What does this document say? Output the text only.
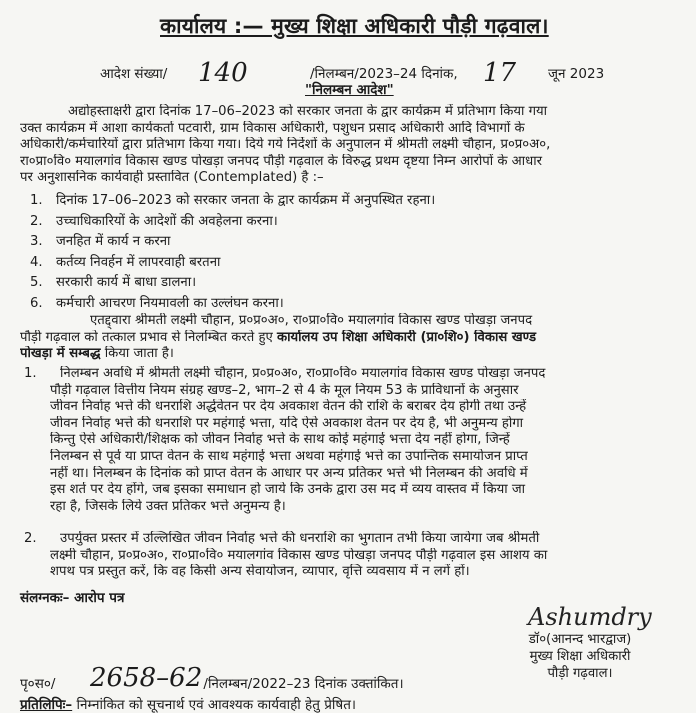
कार्यालय :— मुख्य शिक्षा अधिकारी पौड़ी गढ़वाल।
आदेश संख्या/ 140	/निलम्बन/2023–24 दिनांक, 17 जून 2023
"निलम्बन आदेश"
अद्योहस्ताक्षरी द्वारा दिनांक 17–06–2023 को सरकार जनता के द्वार कार्यक्रम में प्रतिभाग किया गया
उक्त कार्यक्रम में आशा कार्यकर्ता पटवारी, ग्राम विकास अधिकारी, पशुधन प्रसाद अधिकारी आदि विभागों के
अधिकारी/कर्मचारियों द्वारा प्रतिभाग किया गया। दिये गये निर्देशों के अनुपालन में श्रीमती लक्ष्मी चौहान, प्र०प्र०अ०,
रा०प्रा०वि० मयालगांव विकास खण्ड पोखड़ा जनपद पौड़ी गढ़वाल के विरुद्ध प्रथम दृष्टया निम्न आरोपों के आधार
पर अनुशासनिक कार्यवाही प्रस्तावित (Contemplated) है :–
1. दिनांक 17–06–2023 को सरकार जनता के द्वार कार्यक्रम में अनुपस्थित रहना।
2. उच्चाधिकारियों के आदेशों की अवहेलना करना।
3. जनहित में कार्य न करना
4. कर्तव्य निवर्हन में लापरवाही बरतना
5. सरकारी कार्य में बाधा डालना।
6. कर्मचारी आचरण नियमावली का उल्लंघन करना।
एतद्द्वारा श्रीमती लक्ष्मी चौहान, प्र०प्र०अ०, रा०प्रा०वि० मयालगांव विकास खण्ड पोखड़ा जनपद
पौड़ी गढ़वाल को तत्काल प्रभाव से निलम्बित करते हुए कार्यालय उप शिक्षा अधिकारी (प्रा०शि०) विकास खण्ड
पोखड़ा में सम्बद्ध किया जाता है।
1.	निलम्बन अवधि में श्रीमती लक्ष्मी चौहान, प्र०प्र०अ०, रा०प्रा०वि० मयालगांव विकास खण्ड पोखड़ा जनपद
पौड़ी गढ़वाल वित्तीय नियम संग्रह खण्ड–2, भाग–2 से 4 के मूल नियम 53 के प्राविधानों के अनुसार
जीवन निर्वाह भत्ते की धनराशि अर्द्धवेतन पर देय अवकाश वेतन की राशि के बराबर देय होगी तथा उन्हें
जीवन निर्वाह भत्ते की धनराशि पर महंगाई भत्ता, यदि ऐसे अवकाश वेतन पर देय है, भी अनुमन्य होगा
किन्तु ऐसे अधिकारी/शिक्षक को जीवन निर्वाह भत्ते के साथ कोई महंगाई भत्ता देय नहीं होगा, जिन्हें
निलम्बन से पूर्व या प्राप्त वेतन के साथ महंगाई भत्ता अथवा महंगाई भत्ते का उपान्तिक समायोजन प्राप्त
नहीं था। निलम्बन के दिनांक को प्राप्त वेतन के आधार पर अन्य प्रतिकर भत्ते भी निलम्बन की अवधि में
इस शर्त पर देय होंगे, जब इसका समाधान हो जाये कि उनके द्वारा उस मद में व्यय वास्तव में किया जा
रहा है, जिसके लिये उक्त प्रतिकर भत्ते अनुमन्य है।
2.	उपर्युक्त प्रस्तर में उल्लिखित जीवन निर्वाह भत्ते की धनराशि का भुगतान तभी किया जायेगा जब श्रीमती
लक्ष्मी चौहान, प्र०प्र०अ०, रा०प्रा०वि० मयालगांव विकास खण्ड पोखड़ा जनपद पौड़ी गढ़वाल इस आशय का
शपथ पत्र प्रस्तुत करें, कि वह किसी अन्य सेवायोजन, व्यापार, वृत्ति व्यवसाय में न लगें हों।
संलग्नकः– आरोप पत्र
Ashumdry
डॉ०(आनन्द भारद्वाज)
मुख्य शिक्षा अधिकारी
पौड़ी गढ़वाल।
पृ०स०/	/निलम्बन/2022–23 दिनांक उक्तांकित।
2658–62
प्रतिलिपिः– निम्नांकित को सूचनार्थ एवं आवश्यक कार्यवाही हेतु प्रेषित।
